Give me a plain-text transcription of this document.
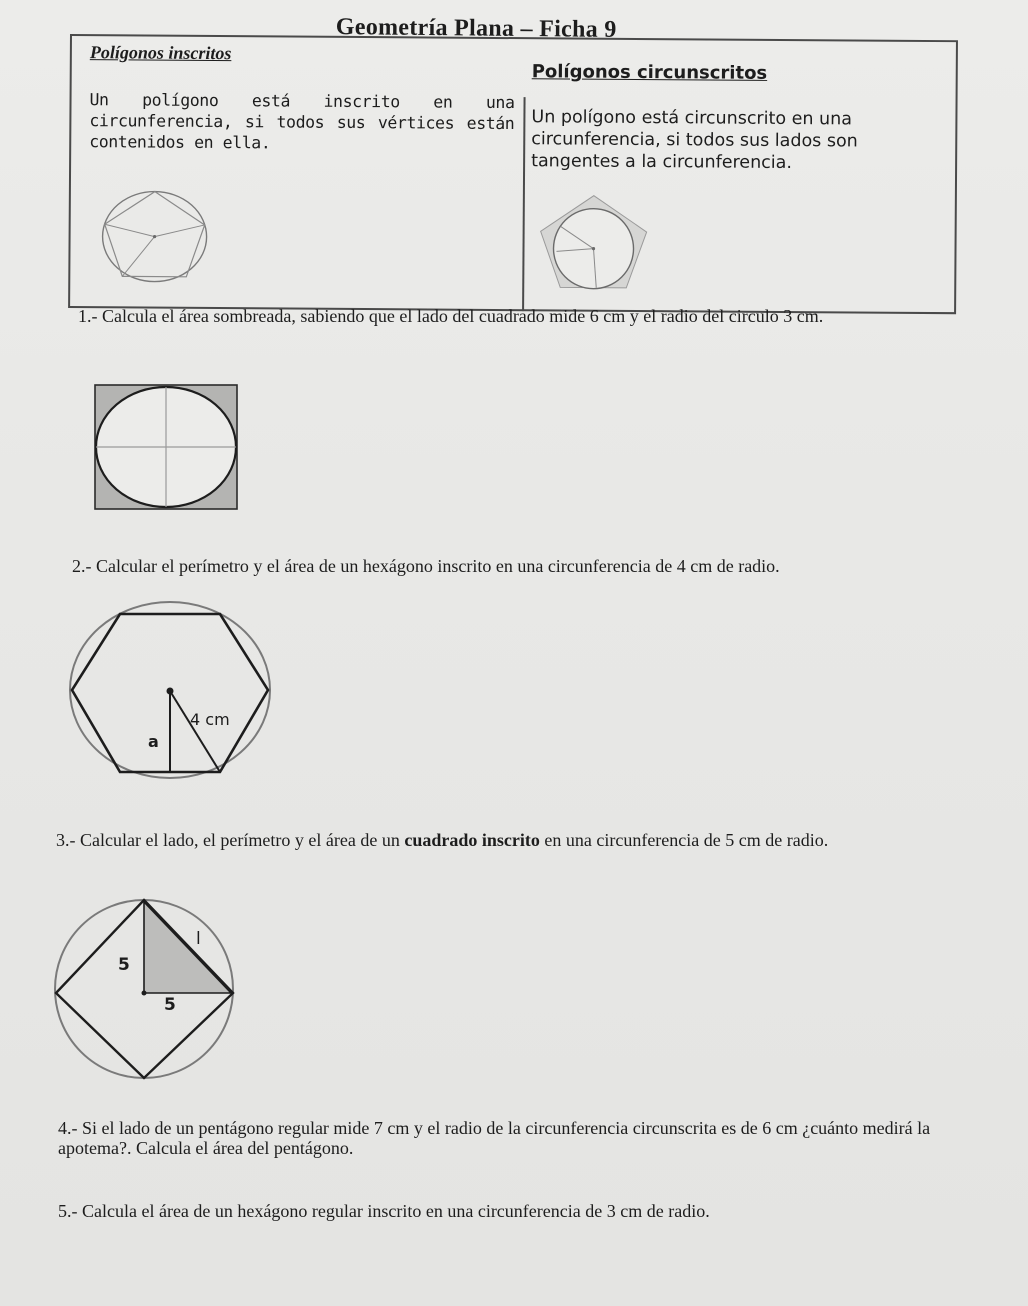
Geometría Plana – Ficha 9
Polígonos inscritos
Un polígono está inscrito en una circunferencia, si todos sus vértices están contenidos en ella.
Polígonos circunscritos
Un polígono está circunscrito en una circunferencia, si todos sus lados son tangentes a la circunferencia.
1.- Calcula el área sombreada, sabiendo que el lado del cuadrado mide 6 cm y el radio del circulo 3 cm.
2.- Calcular el perímetro y el área de un hexágono inscrito en una circunferencia de 4 cm de radio.
4 cm
a
3.- Calcular el lado, el perímetro y el área de un cuadrado inscrito en una circunferencia de 5 cm de radio.
5
5
l
4.- Si el lado de un pentágono regular mide 7 cm y el radio de la circunferencia circunscrita es de 6 cm ¿cuánto medirá la apotema?. Calcula el área del pentágono.
5.- Calcula el área de un hexágono regular inscrito en una circunferencia de 3 cm de radio.
